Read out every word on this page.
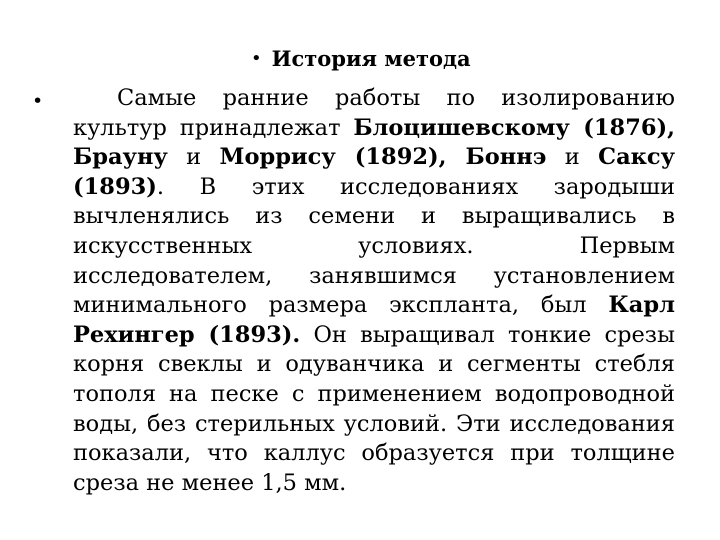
• История метода
•	Самые ранние работы по изолированию культур принадлежат Блоцишевскому (1876), Брауну и Моррису (1892), Боннэ и Саксу (1893). В этих исследованиях зародыши вычленялись из семени и выращивались в искусственных условиях. Первым исследователем, занявшимся установлением минимального размера эксплантa, был Карл Рехингер (1893). Он выращивал тонкие срезы корня свеклы и одуванчика и сегменты стебля тополя на песке с применением водопроводной воды, без стерильных условий. Эти исследования показали, что каллус образуется при толщине среза не менее 1,5 мм.
